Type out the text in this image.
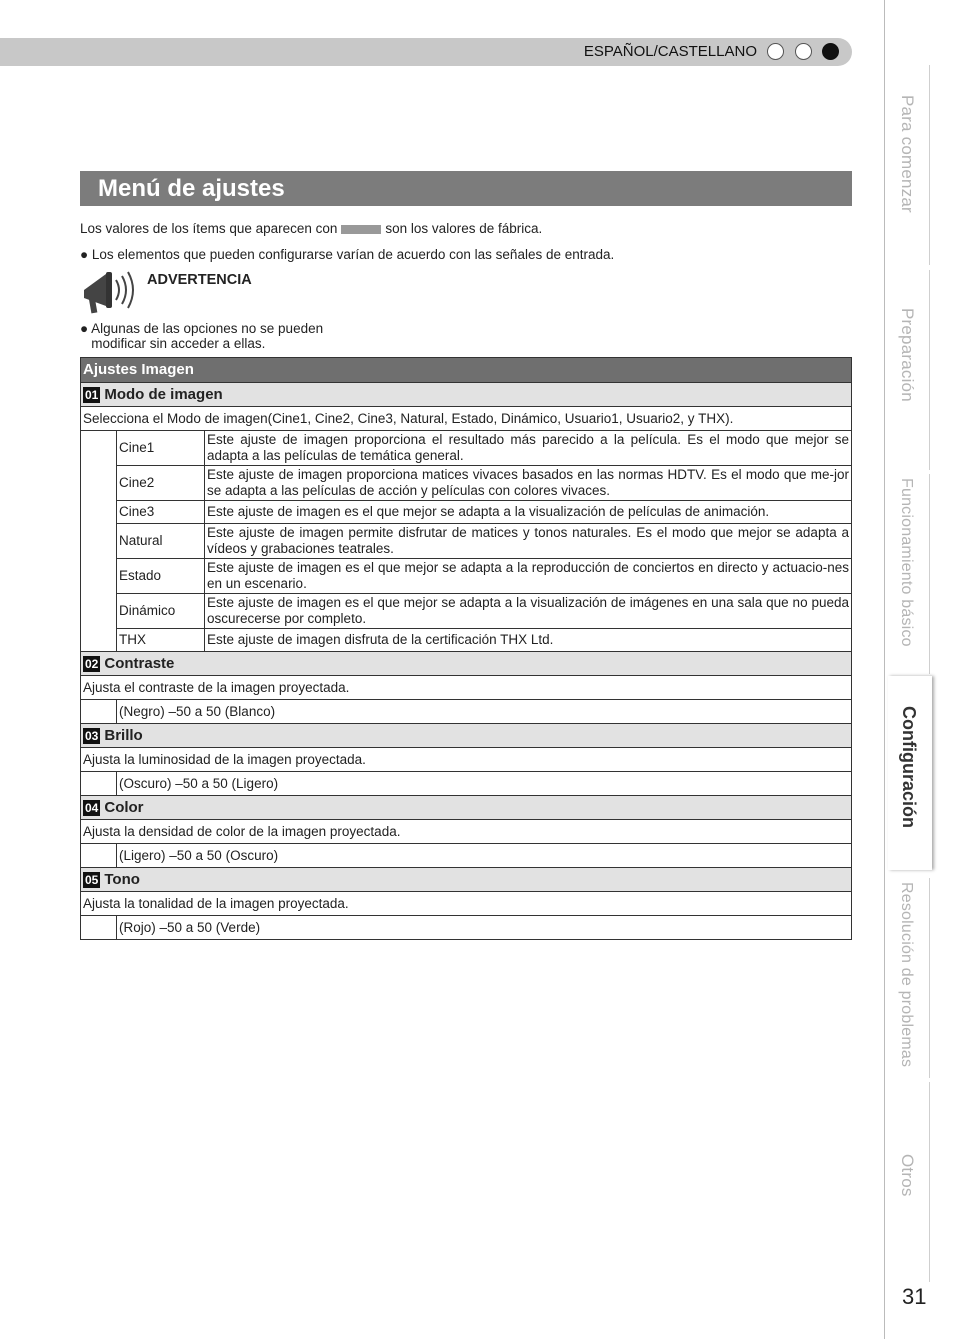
ESPAÑOL/CASTELLANO
Para comenzar
Preparación
Funcionamiento básico
Resolución de problemas
Otros
Configuración
31
Menú de ajustes
Los valores de los ítems que aparecen con	son los valores de fábrica.
● Los elementos que pueden configurarse varían de acuerdo con las señales de entrada.
ADVERTENCIA
● Algunas de las opciones no se pueden
modificar sin acceder a ellas.
Ajustes Imagen		
01 Modo de imagen		
Selecciona el Modo de imagen(Cine1, Cine2, Cine3, Natural, Estado, Dinámico, Usuario1, Usuario2, y THX).		
	Cine1	Este ajuste de imagen proporciona el resultado más parecido a la película. Es el modo que mejor se adapta a las películas de temática general.
	Cine2	Este ajuste de imagen proporciona matices vivaces basados en las normas HDTV. Es el modo que me-jor se adapta a las películas de acción y películas con colores vivaces.
	Cine3	Este ajuste de imagen es el que mejor se adapta a la visualización de películas de animación.
	Natural	Este ajuste de imagen permite disfrutar de matices y tonos naturales. Es el modo que mejor se adapta a vídeos y grabaciones teatrales.
	Estado	Este ajuste de imagen es el que mejor se adapta a la reproducción de conciertos en directo y actuacio-nes en un escenario.
	Dinámico	Este ajuste de imagen es el que mejor se adapta a la visualización de imágenes en una sala que no pueda oscurecerse por completo.
	THX	Este ajuste de imagen disfruta de la certificación THX Ltd.
02 Contraste		
Ajusta el contraste de la imagen proyectada.		
	(Negro) –50 a 50 (Blanco)	
03 Brillo		
Ajusta la luminosidad de la imagen proyectada.		
	(Oscuro) –50 a 50 (Ligero)	
04 Color		
Ajusta la densidad de color de la imagen proyectada.		
	(Ligero) –50 a 50 (Oscuro)	
05 Tono		
Ajusta la tonalidad de la imagen proyectada.		
	(Rojo) –50 a 50 (Verde)	
